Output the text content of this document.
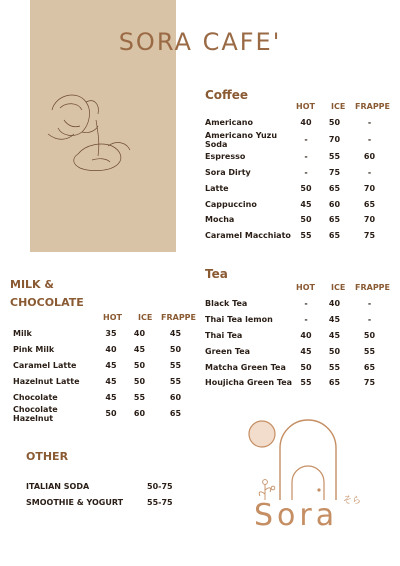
SORA CAFE'
Coffee
HOT ICE FRAPPE
Americano	40	50	-
Americano Yuzu Soda	-	70	-
Espresso	-	55	60
Sora Dirty	-	75	-
Latte	50	65	70
Cappuccino	45	60	65
Mocha	50	65	70
Caramel Macchiato	55	65	75
Tea
HOT ICE FRAPPE
Black Tea	-	40	-
Thai Tea lemon	-	45	-
Thai Tea	40	45	50
Green Tea	45	50	55
Matcha Green Tea	50	55	65
Houjicha Green Tea	55	65	75
MILK &
CHOCOLATE
HOT ICE FRAPPE
Milk	35	40	45
Pink Milk	40	45	50
Caramel Latte	45	50	55
Hazelnut Latte	45	50	55
Chocolate	45	55	60
Chocolate Hazelnut	50	60	65
OTHER
ITALIAN SODA	50-75
SMOOTHIE & YOGURT	55-75	Sora そら
